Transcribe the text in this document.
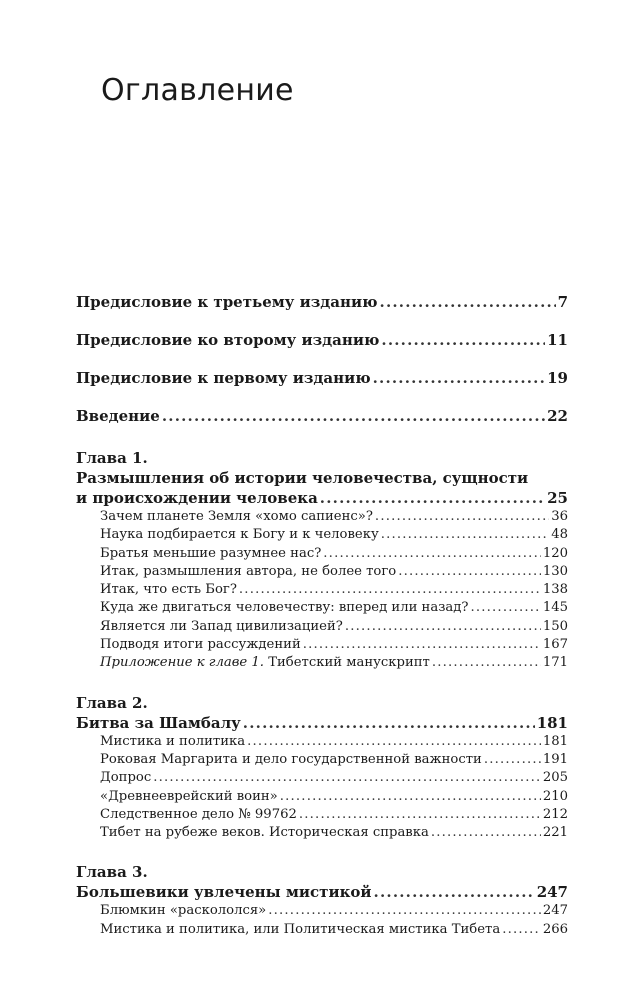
Оглавление
Предисловие к третьему изданию .....	7
Предисловие ко второму изданию .....	11
Предисловие к первому изданию .....	19
Введение .....	22
Глава 1.
Размышления об истории человечества, сущности
и происхождении человека .....	25
Зачем планете Земля «хомо сапиенс»? .....	36
Наука подбирается к Богу и к человеку .....	48
Братья меньшие разумнее нас? .....	120
Итак, размышления автора, не более того .....	130
Итак, что есть Бог? .....	138
Куда же двигаться человечеству: вперед или назад? .....	145
Является ли Запад цивилизацией? .....	150
Подводя итоги рассуждений .....	167
Приложение к главе 1. Тибетский манускрипт .....	171
Глава 2.
Битва за Шамбалу .....	181
Мистика и политика .....	181
Роковая Маргарита и дело государственной важности .....	191
Допрос .....	205
«Древнееврейский воин» .....	210
Следственное дело № 99762 .....	212
Тибет на рубеже веков. Историческая справка .....	221
Глава 3.
Большевики увлечены мистикой .....	247
Блюмкин «раскололся» .....	247
Мистика и политика, или Политическая мистика Тибета .....	266
